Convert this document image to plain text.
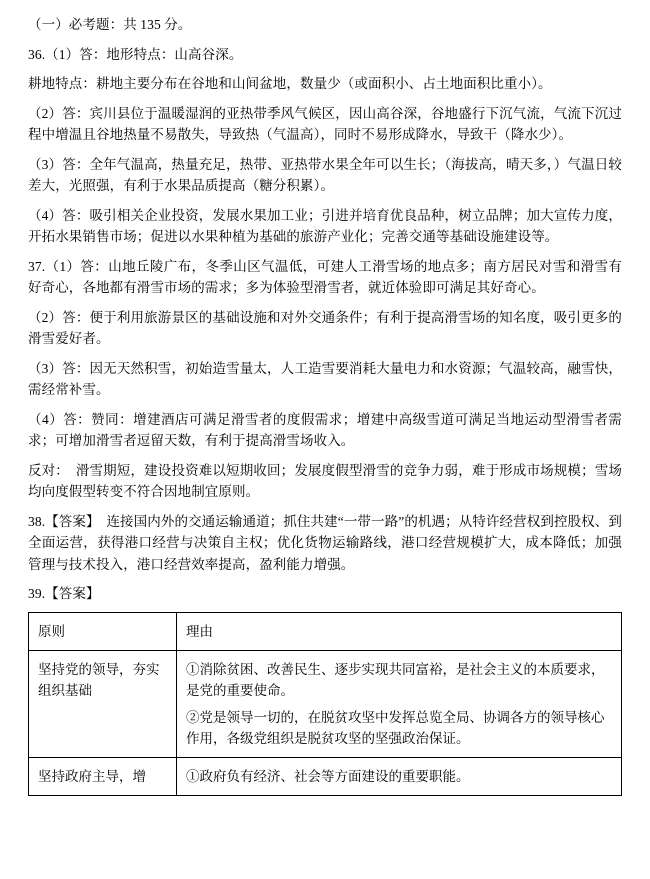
（一）必考题：共 135 分。

36.（1）答：地形特点：山高谷深。

耕地特点：耕地主要分布在谷地和山间盆地，数量少（或面积小、占土地面积比重小）。

（2）答：宾川县位于温暖湿润的亚热带季风气候区，因山高谷深，谷地盛行下沉气流，气流下沉过程中增温且谷地热量不易散失，导致热（气温高），同时不易形成降水，导致干（降水少）。

（3）答：全年气温高，热量充足，热带、亚热带水果全年可以生长；（海拔高，晴天多，）气温日较差大，光照强，有利于水果品质提高（糖分积累）。

（4）答：吸引相关企业投资，发展水果加工业；引进并培育优良品种，树立品牌；加大宣传力度，开拓水果销售市场；促进以水果种植为基础的旅游产业化；完善交通等基础设施建设等。

37.（1）答：山地丘陵广布，冬季山区气温低，可建人工滑雪场的地点多；南方居民对雪和滑雪有好奇心，各地都有滑雪市场的需求；多为体验型滑雪者，就近体验即可满足其好奇心。

（2）答：便于利用旅游景区的基础设施和对外交通条件；有利于提高滑雪场的知名度，吸引更多的滑雪爱好者。

（3）答：因无天然积雪，初始造雪量太，人工造雪要消耗大量电力和水资源；气温较高，融雪快，需经常补雪。

（4）答：赞同：增建酒店可满足滑雪者的度假需求；增建中高级雪道可满足当地运动型滑雪者需求；可增加滑雪者逗留天数，有利于提高滑雪场收入。

反对：　滑雪期短，建设投资难以短期收回；发展度假型滑雪的竞争力弱，难于形成市场规模；雪场均向度假型转变不符合因地制宜原则。

38.【答案】　连接国内外的交通运输通道；抓住共建“一带一路”的机遇；从特许经营权到控股权、到全面运营，获得港口经营与决策自主权；优化货物运输路线，港口经营规模扩大，成本降低；加强管理与技术投入，港口经营效率提高，盈利能力增强。

39.【答案】

原则	理由
坚持党的领导，夯实组织基础	①消除贫困、改善民生、逐步实现共同富裕，是社会主义的本质要求，是党的重要使命。
②党是领导一切的，在脱贫攻坚中发挥总览全局、协调各方的领导核心作用，各级党组织是脱贫攻坚的坚强政治保证。

坚持政府主导，增	①政府负有经济、社会等方面建设的重要职能。
